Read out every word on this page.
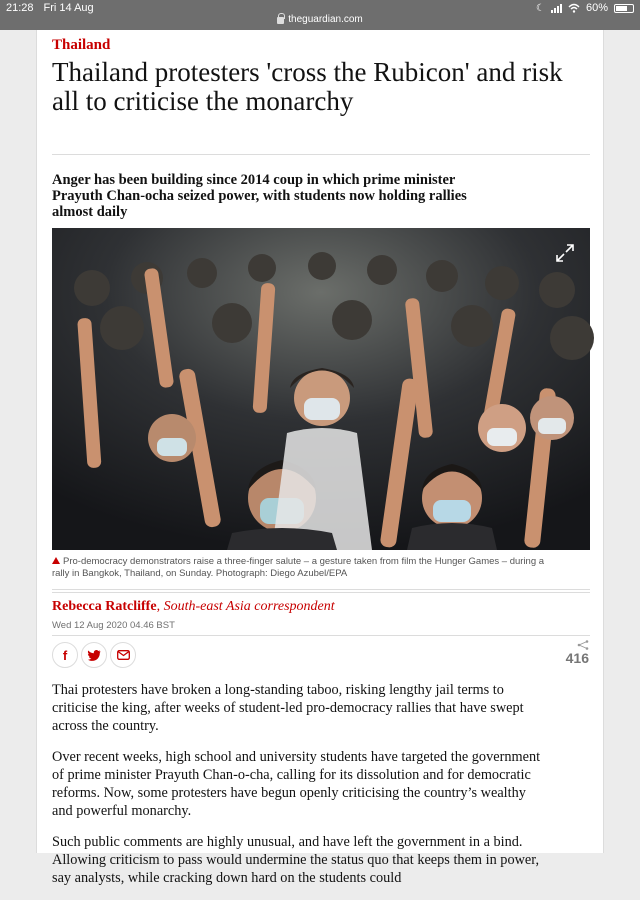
21:28 Fri 14 Aug
theguardian.com
☾	60%
Thailand
Thailand protesters 'cross the Rubicon' and risk all to criticise the monarchy
Anger has been building since 2014 coup in which prime minister Prayuth Chan-ocha seized power, with students now holding rallies almost daily
Pro-democracy demonstrators raise a three-finger salute – a gesture taken from film the Hunger Games – during a rally in Bangkok, Thailand, on Sunday. Photograph: Diego Azubel/EPA
Rebecca Ratcliffe, South-east Asia correspondent
Wed 12 Aug 2020 04.46 BST
f	416

Thai protesters have broken a long-standing taboo, risking lengthy jail terms to criticise the king, after weeks of student-led pro-democracy rallies that have swept across the country.

Over recent weeks, high school and university students have targeted the government of prime minister Prayuth Chan-o-cha, calling for its dissolution and for democratic reforms. Now, some protesters have begun openly criticising the country’s wealthy and powerful monarchy.

Such public comments are highly unusual, and have left the government in a bind. Allowing criticism to pass would undermine the status quo that keeps them in power, say analysts, while cracking down hard on the students could
